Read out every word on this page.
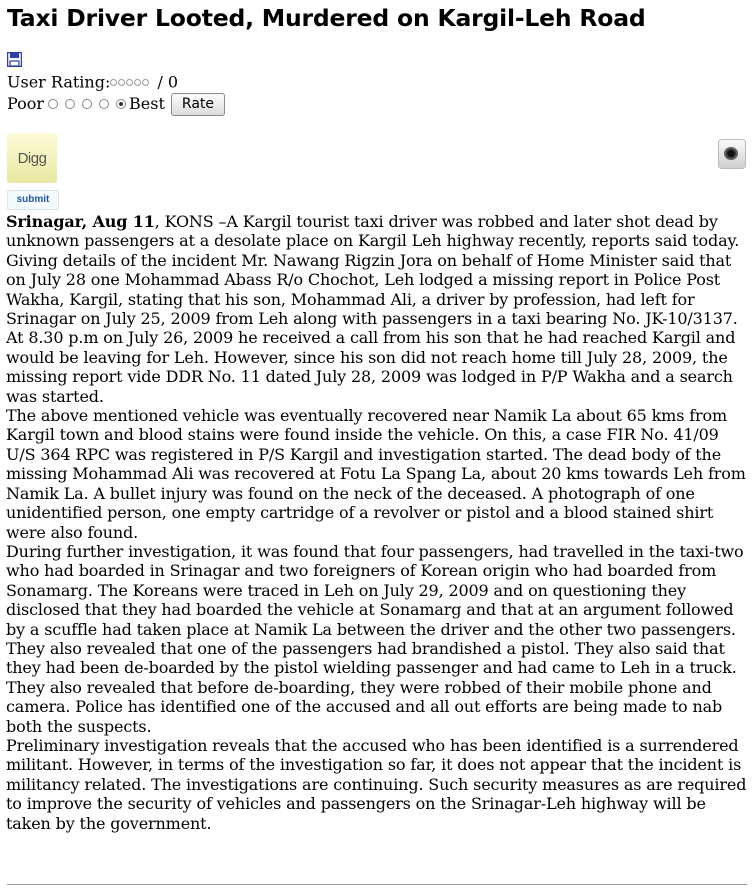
Taxi Driver Looted, Murdered on Kargil-Leh Road
User Rating:	/ 0
Poor	Best	Rate
Digg
submit

Srinagar, Aug 11, KONS –A Kargil tourist taxi driver was robbed and later shot dead by unknown passengers at a desolate place on Kargil Leh highway recently, reports said today.

Giving details of the incident Mr. Nawang Rigzin Jora on behalf of Home Minister said that on July 28 one Mohammad Abass R/o Chochot, Leh lodged a missing report in Police Post Wakha, Kargil, stating that his son, Mohammad Ali, a driver by profession, had left for Srinagar on July 25, 2009 from Leh along with passengers in a taxi bearing No. JK-10/3137. At 8.30 p.m on July 26, 2009 he received a call from his son that he had reached Kargil and would be leaving for Leh. However, since his son did not reach home till July 28, 2009, the missing report vide DDR No. 11 dated July 28, 2009 was lodged in P/P Wakha and a search was started.

The above mentioned vehicle was eventually recovered near Namik La about 65 kms from Kargil town and blood stains were found inside the vehicle. On this, a case FIR No. 41/09 U/S 364 RPC was registered in P/S Kargil and investigation started. The dead body of the missing Mohammad Ali was recovered at Fotu La Spang La, about 20 kms towards Leh from Namik La. A bullet injury was found on the neck of the deceased. A photograph of one unidentified person, one empty cartridge of a revolver or pistol and a blood stained shirt were also found.

During further investigation, it was found that four passengers, had travelled in the taxi-two who had boarded in Srinagar and two foreigners of Korean origin who had boarded from Sonamarg. The Koreans were traced in Leh on July 29, 2009 and on questioning they disclosed that they had boarded the vehicle at Sonamarg and that at an argument followed by a scuffle had taken place at Namik La between the driver and the other two passengers. They also revealed that one of the passengers had brandished a pistol. They also said that they had been de-boarded by the pistol wielding passenger and had came to Leh in a truck. They also revealed that before de-boarding, they were robbed of their mobile phone and camera. Police has identified one of the accused and all out efforts are being made to nab both the suspects.

Preliminary investigation reveals that the accused who has been identified is a surrendered militant. However, in terms of the investigation so far, it does not appear that the incident is militancy related. The investigations are continuing. Such security measures as are required to improve the security of vehicles and passengers on the Srinagar-Leh highway will be taken by the government.
